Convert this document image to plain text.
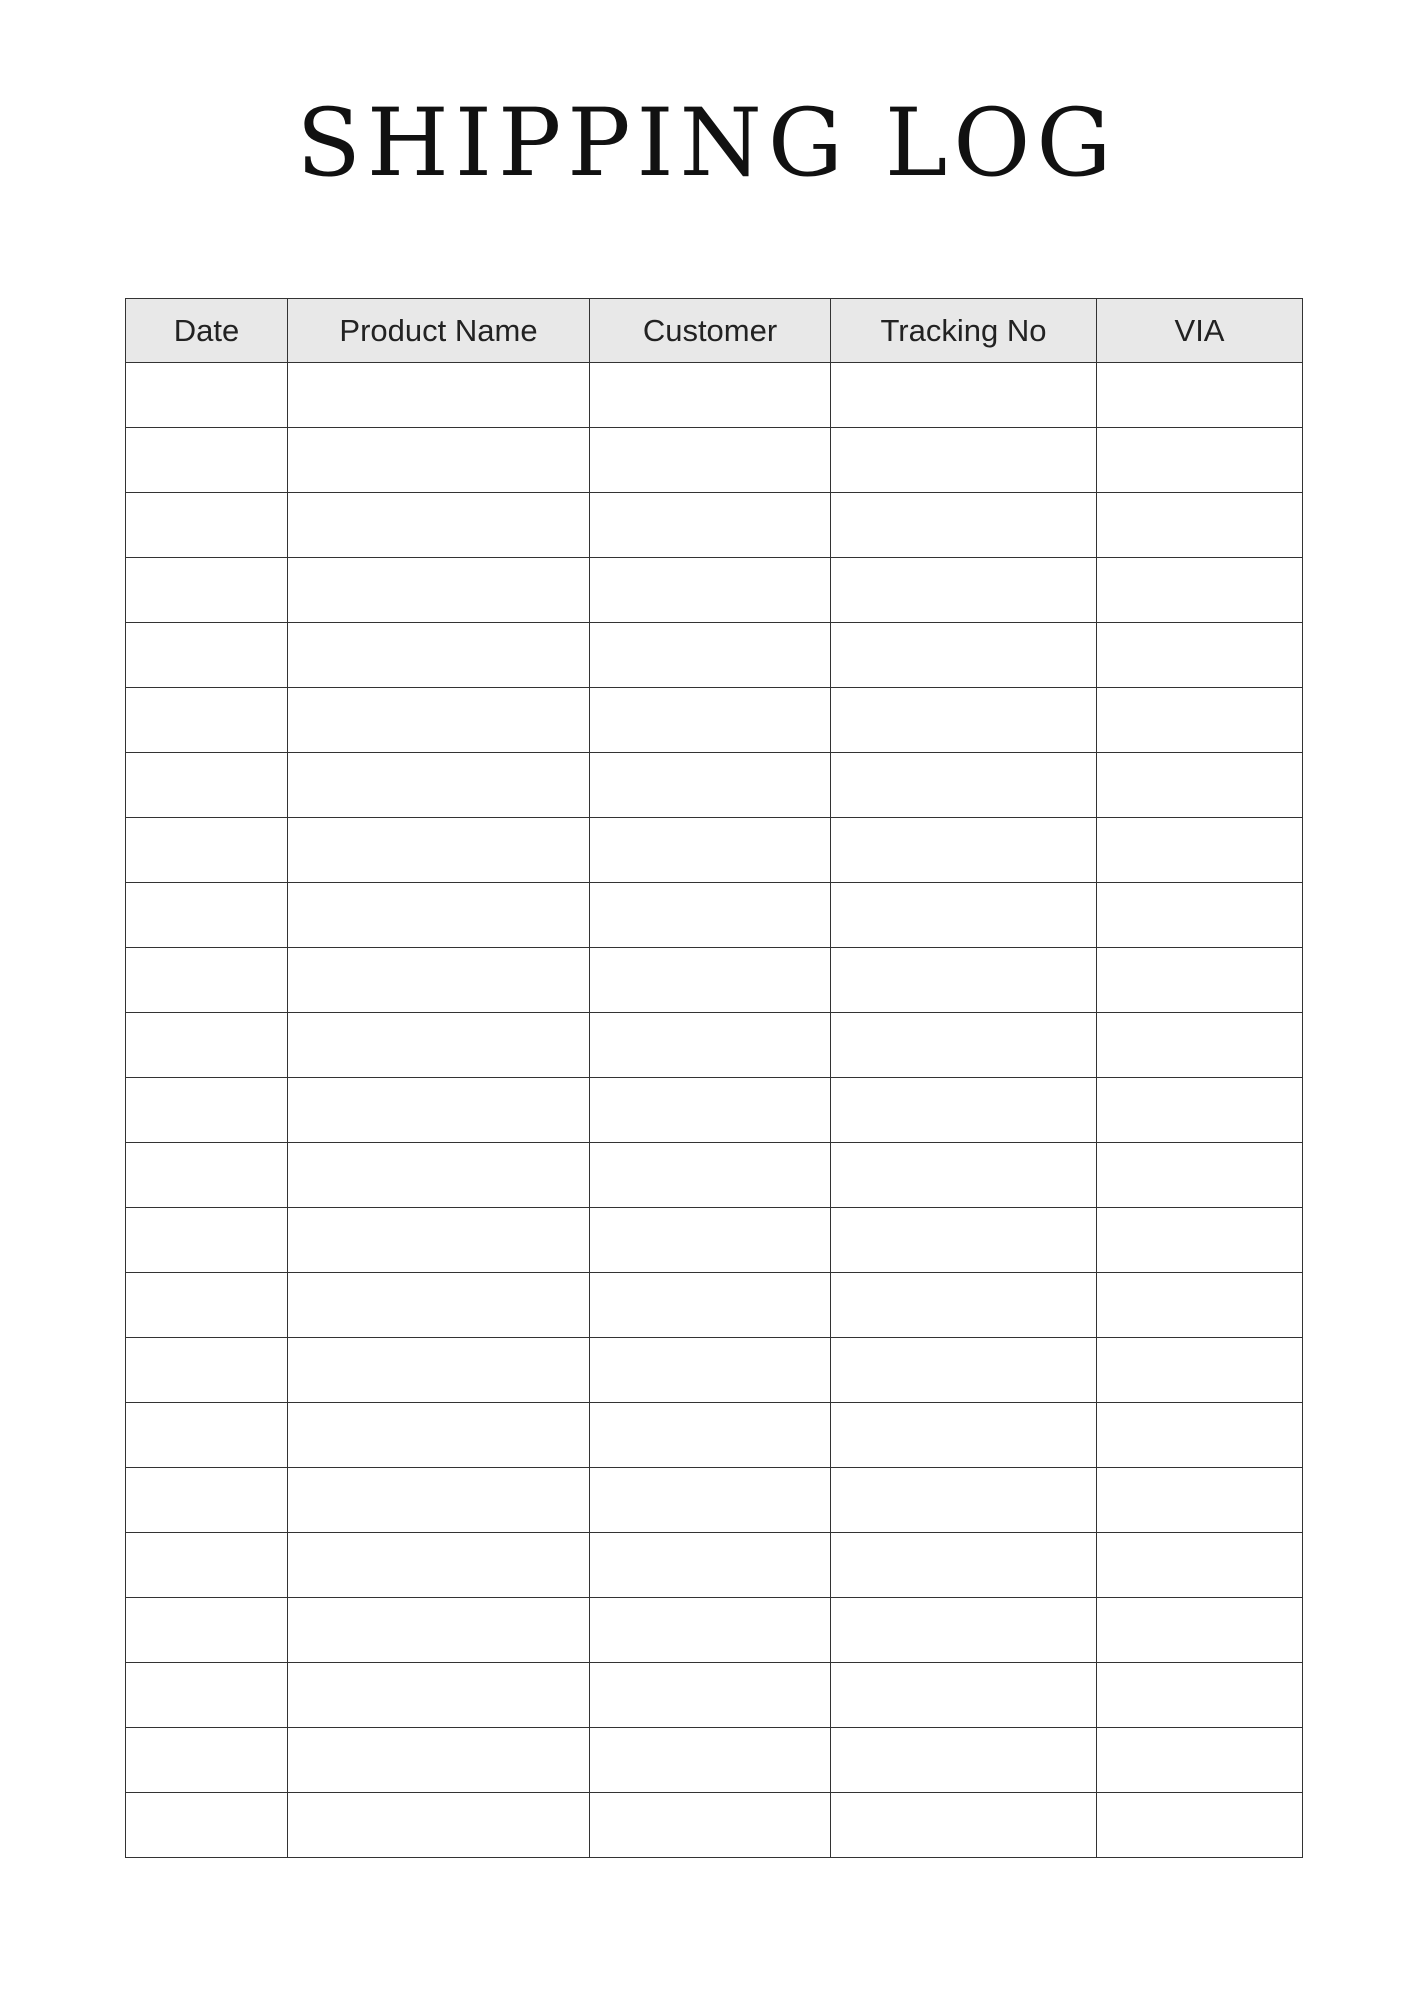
SHIPPING LOG
Date	Product Name	Customer	Tracking No	VIA
